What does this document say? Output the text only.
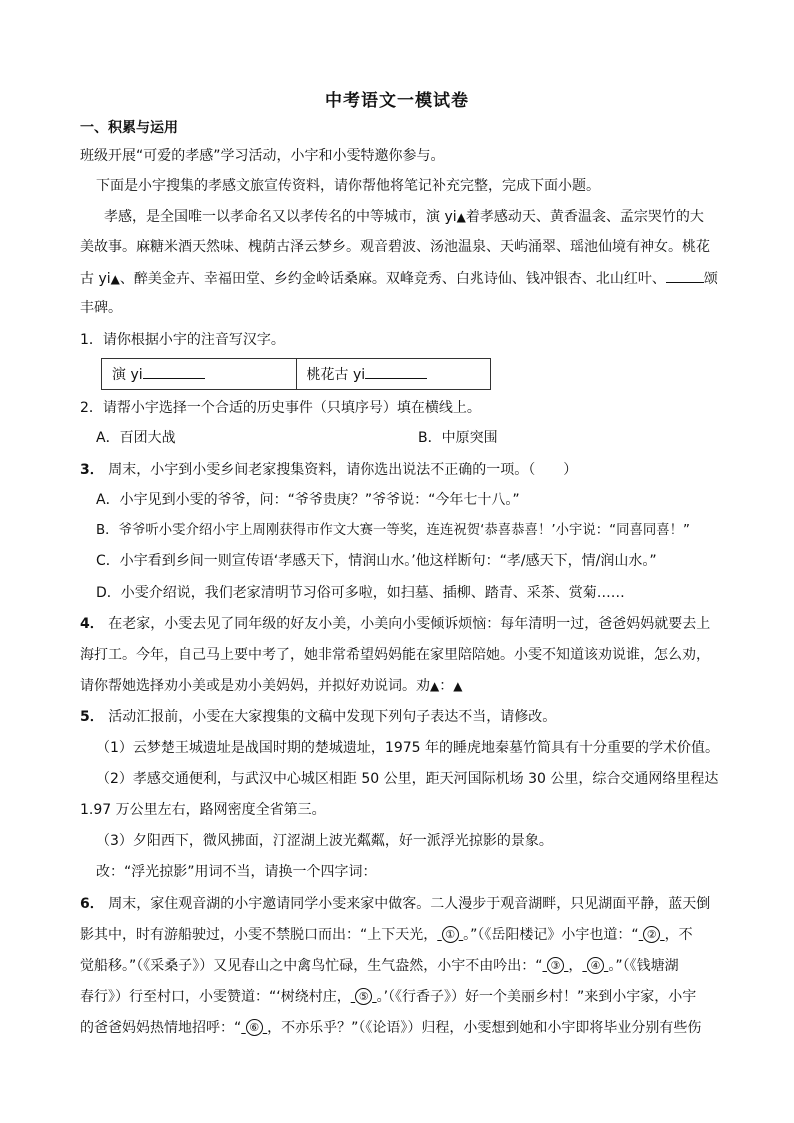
中考语文一模试卷
一、积累与运用
班级开展“可爱的孝感”学习活动，小宇和小雯特邀你参与。
下面是小宇搜集的孝感文旅宣传资料，请你帮他将笔记补充完整，完成下面小题。
孝感，是全国唯一以孝命名又以孝传名的中等城市，演 yi▲着孝感动天、黄香温衾、孟宗哭竹的大
美故事。麻糖米酒天然味、槐荫古泽云梦乡。观音碧波、汤池温泉、天屿涌翠、瑶池仙境有神女。桃花
古 yi▲、醉美金卉、幸福田堂、乡约金岭话桑麻。双峰竞秀、白兆诗仙、钱冲银杏、北山红叶、	颂
丰碑。
1．请你根据小宇的注音写汉字。
演 yi	桃花古 yi
2．请帮小宇选择一个合适的历史事件（只填序号）填在横线上。
A．百团大战	B．中原突围
3． 周末，小宇到小雯乡间老家搜集资料，请你选出说法不正确的一项。（　　）
A．小宇见到小雯的爷爷，问：“爷爷贵庚？”爷爷说：“今年七十八。”
B．爷爷听小雯介绍小宇上周刚获得市作文大赛一等奖，连连祝贺‘恭喜恭喜！’小宇说：“同喜同喜！”
C．小宇看到乡间一则宣传语‘孝感天下，情润山水。’他这样断句：“孝/感天下，情/润山水。”
D．小雯介绍说，我们老家清明节习俗可多啦，如扫墓、插柳、踏青、采茶、赏菊……
4． 在老家，小雯去见了同年级的好友小美，小美向小雯倾诉烦恼：每年清明一过，爸爸妈妈就要去上
海打工。今年，自己马上要中考了，她非常希望妈妈能在家里陪陪她。小雯不知道该劝说谁，怎么劝，
请你帮她选择劝小美或是劝小美妈妈，并拟好劝说词。劝▲：▲
5． 活动汇报前，小雯在大家搜集的文稿中发现下列句子表达不当，请修改。
（1）云梦楚王城遗址是战国时期的楚城遗址，1975 年的睡虎地秦墓竹简具有十分重要的学术价值。
（2）孝感交通便利，与武汉中心城区相距 50 公里，距天河国际机场 30 公里，综合交通网络里程达
1.97 万公里左右，路网密度全省第三。
（3）夕阳西下，微风拂面，汀涩湖上波光粼粼，好一派浮光掠影的景象。
改：“浮光掠影”用词不当，请换一个四字词：
6． 周末，家住观音湖的小宇邀请同学小雯来家中做客。二人漫步于观音湖畔，只见湖面平静，蓝天倒
影其中，时有游船驶过，小雯不禁脱口而出：“上下天光， ① 。”（《岳阳楼记》小宇也道：“ ② ，不
觉船移。”（《采桑子》）又见春山之中禽鸟忙碌，生气盎然，小宇不由吟出：“ ③ ， ④ 。”（《钱塘湖
春行》）行至村口，小雯赞道：“‘树绕村庄， ⑤ 。’（《行香子》）好一个美丽乡村！”来到小宇家，小宇
的爸爸妈妈热情地招呼：“ ⑥ ，不亦乐乎？”（《论语》）归程，小雯想到她和小宇即将毕业分别有些伤
